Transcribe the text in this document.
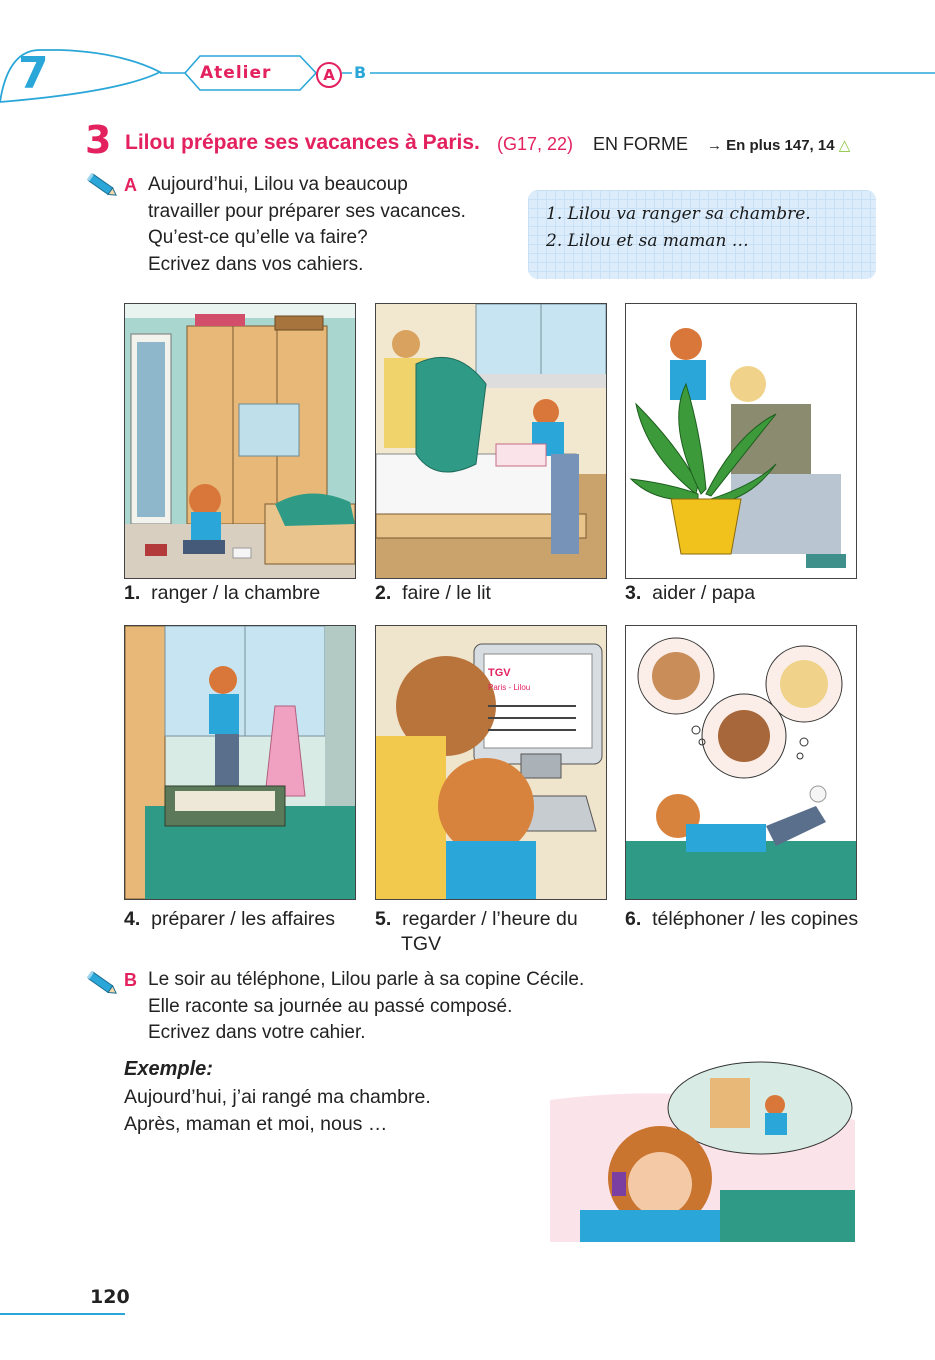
7	Atelier	A	B
3 Lilou prépare ses vacances à Paris. (G17, 22) EN FORME → En plus 147, 14 △
A Aujourd’hui, Lilou va beaucoup
travailler pour préparer ses vacances.
Qu’est-ce qu’elle va faire?
Ecrivez dans vos cahiers.
1. Lilou va ranger sa chambre.
2. Lilou et sa maman …
1. ranger / la chambre	2. faire / le lit	3. aider / papa
4. préparer / les affaires
TGV
Paris - Lilou
5. regarder / l’heure du
TGV
6. téléphoner / les copines
B Le soir au téléphone, Lilou parle à sa copine Cécile.
Elle raconte sa journée au passé composé.
Ecrivez dans votre cahier.
Exemple:
Aujourd’hui, j’ai rangé ma chambre.
Après, maman et moi, nous …
120
